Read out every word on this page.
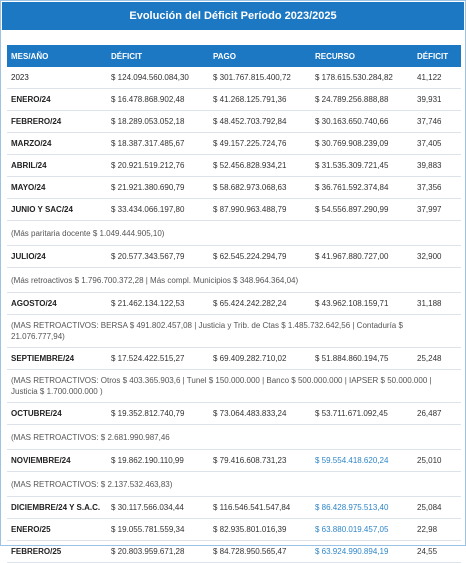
Evolución del Déficit Período 2023/2025
MES/AÑO	DÉFICIT	PAGO	RECURSO	DÉFICIT
2023	$ 124.094.560.084,30	$ 301.767.815.400,72	$ 178.615.530.284,82	41,122
ENERO/24	$ 16.478.868.902,48	$ 41.268.125.791,36	$ 24.789.256.888,88	39,931
FEBRERO/24	$ 18.289.053.052,18	$ 48.452.703.792,84	$ 30.163.650.740,66	37,746
MARZO/24	$ 18.387.317.485,67	$ 49.157.225.724,76	$ 30.769.908.239,09	37,405
ABRIL/24	$ 20.921.519.212,76	$ 52.456.828.934,21	$ 31.535.309.721,45	39,883
MAYO/24	$ 21.921.380.690,79	$ 58.682.973.068,63	$ 36.761.592.374,84	37,356
JUNIO Y SAC/24	$ 33.434.066.197,80	$ 87.990.963.488,79	$ 54.556.897.290,99	37,997
(Más paritaria docente $ 1.049.444.905,10)				
JULIO/24	$ 20.577.343.567,79	$ 62.545.224.294,79	$ 41.967.880.727,00	32,900
(Más retroactivos $ 1.796.700.372,28 | Más compl. Municipios $ 348.964.364,04)				
AGOSTO/24	$ 21.462.134.122,53	$ 65.424.242.282,24	$ 43.962.108.159,71	31,188
(MAS RETROACTIVOS: BERSA $ 491.802.457,08 | Justicia y Trib. de Ctas $ 1.485.732.642,56 | Contaduría $ 21.076.777,94)				
SEPTIEMBRE/24	$ 17.524.422.515,27	$ 69.409.282.710,02	$ 51.884.860.194,75	25,248
(MAS RETROACTIVOS: Otros $ 403.365.903,6 | Tunel $ 150.000.000 | Banco $ 500.000.000 | IAPSER $ 50.000.000 | Justicia $ 1.700.000.000 )				
OCTUBRE/24	$ 19.352.812.740,79	$ 73.064.483.833,24	$ 53.711.671.092,45	26,487
(MAS RETROACTIVOS: $ 2.681.990.987,46				
NOVIEMBRE/24	$ 19.862.190.110,99	$ 79.416.608.731,23	$ 59.554.418.620,24	25,010
(MAS RETROACTIVOS: $ 2.137.532.463,83)				
DICIEMBRE/24 Y S.A.C.	$ 30.117.566.034,44	$ 116.546.541.547,84	$ 86.428.975.513,40	25,084
ENERO/25	$ 19.055.781.559,34	$ 82.935.801.016,39	$ 63.880.019.457,05	22,98
FEBRERO/25	$ 20.803.959.671,28	$ 84.728.950.565,47	$ 63.924.990.894,19	24,55
